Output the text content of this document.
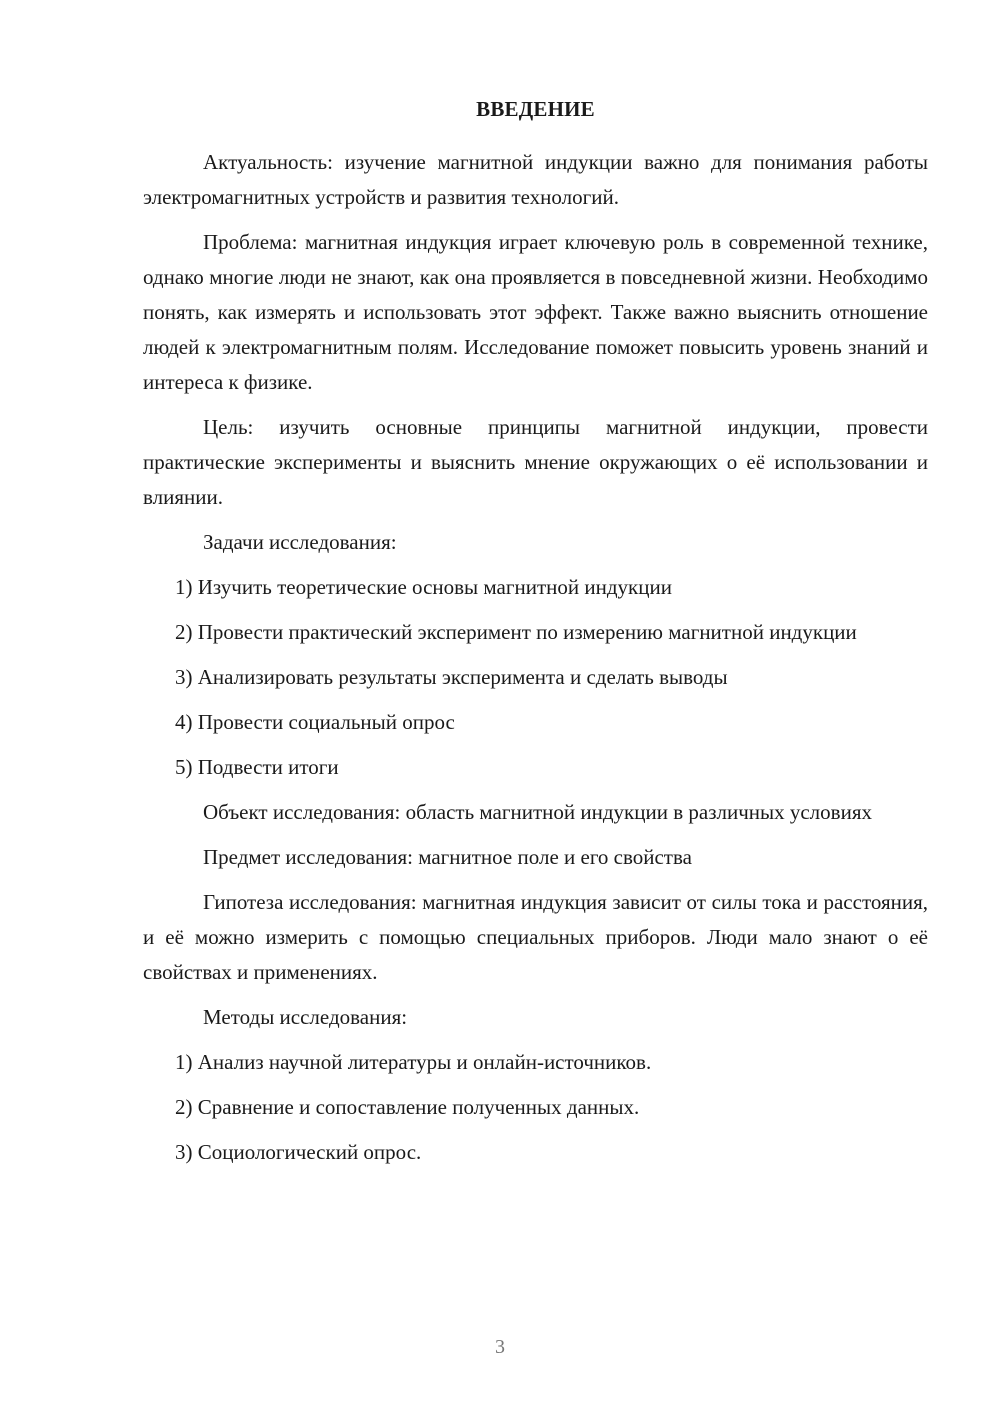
ВВЕДЕНИЕ

Актуальность: изучение магнитной индукции важно для понимания работы электромагнитных устройств и развития технологий.

Проблема: магнитная индукция играет ключевую роль в современной технике, однако многие люди не знают, как она проявляется в повседневной жизни. Необходимо понять, как измерять и использовать этот эффект. Также важно выяснить отношение людей к электромагнитным полям. Исследование поможет повысить уровень знаний и интереса к физике.

Цель: изучить основные принципы магнитной индукции, провести практические эксперименты и выяснить мнение окружающих о её использовании и влиянии.

Задачи исследования:

1) Изучить теоретические основы магнитной индукции

2) Провести практический эксперимент по измерению магнитной индукции

3) Анализировать результаты эксперимента и сделать выводы

4) Провести социальный опрос

5) Подвести итоги

Объект исследования: область магнитной индукции в различных условиях

Предмет исследования: магнитное поле и его свойства

Гипотеза исследования: магнитная индукция зависит от силы тока и расстояния, и её можно измерить с помощью специальных приборов. Люди мало знают о её свойствах и применениях.

Методы исследования:

1) Анализ научной литературы и онлайн-источников.

2) Сравнение и сопоставление полученных данных.

3) Социологический опрос.

3
